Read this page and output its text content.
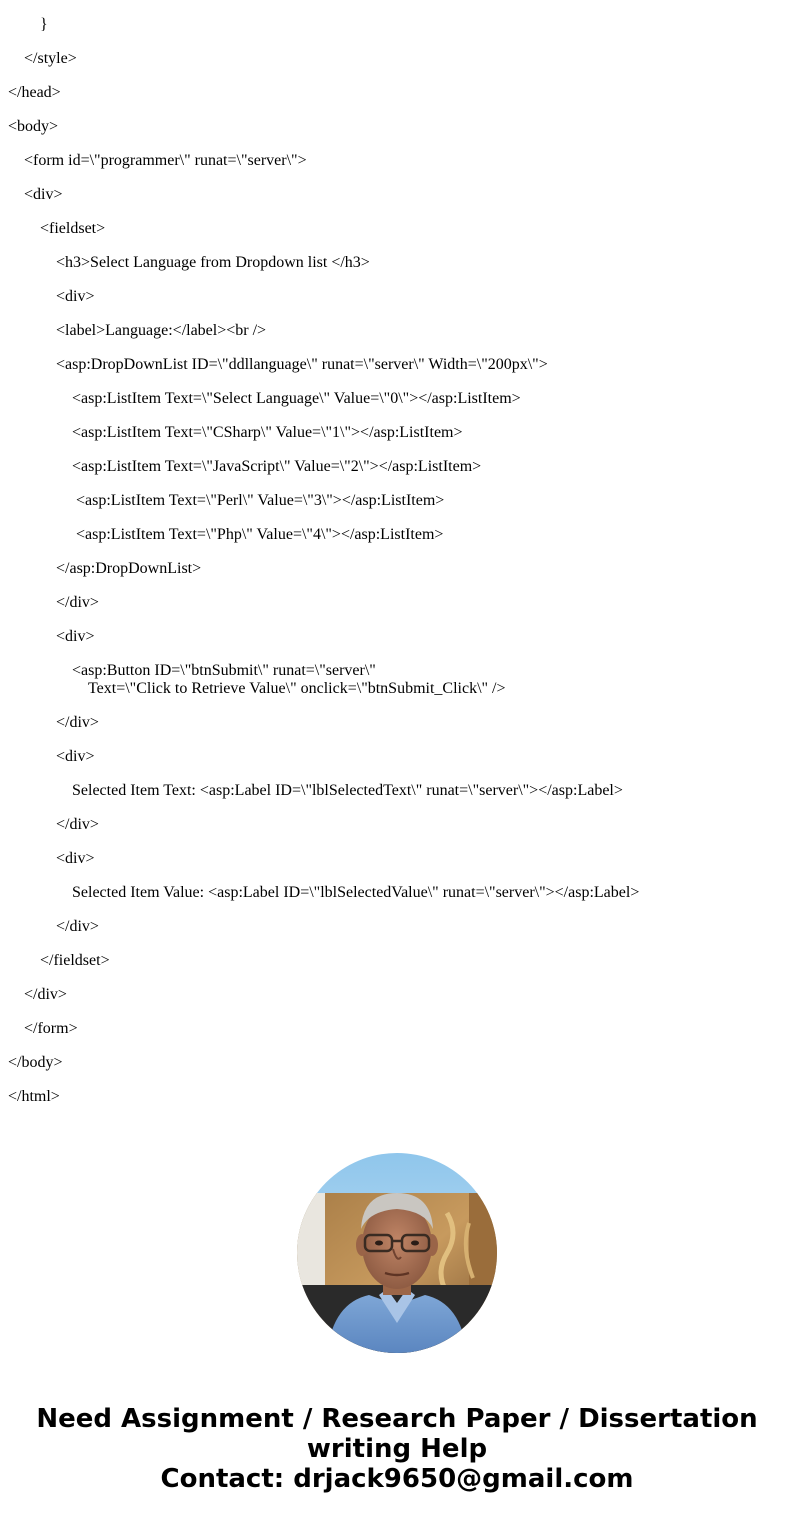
}
</style>
</head>
<body>
<form id=\"programmer\" runat=\"server\">
<div>
<fieldset>
<h3>Select Language from Dropdown list </h3>
<div>
<label>Language:</label><br />
<asp:DropDownList ID=\"ddllanguage\" runat=\"server\" Width=\"200px\">
<asp:ListItem Text=\"Select Language\" Value=\"0\"></asp:ListItem>
<asp:ListItem Text=\"CSharp\" Value=\"1\"></asp:ListItem>
<asp:ListItem Text=\"JavaScript\" Value=\"2\"></asp:ListItem>
<asp:ListItem Text=\"Perl\" Value=\"3\"></asp:ListItem>
<asp:ListItem Text=\"Php\" Value=\"4\"></asp:ListItem>
</asp:DropDownList>
</div>
<div>
<asp:Button ID=\"btnSubmit\" runat=\"server\"
Text=\"Click to Retrieve Value\" onclick=\"btnSubmit_Click\" />
</div>
<div>
Selected Item Text: <asp:Label ID=\"lblSelectedText\" runat=\"server\"></asp:Label>
</div>
<div>
Selected Item Value: <asp:Label ID=\"lblSelectedValue\" runat=\"server\"></asp:Label>
</div>
</fieldset>
</div>
</form>
</body>
</html>
Need Assignment / Research Paper / Dissertation
writing Help
Contact: drjack9650@gmail.com
